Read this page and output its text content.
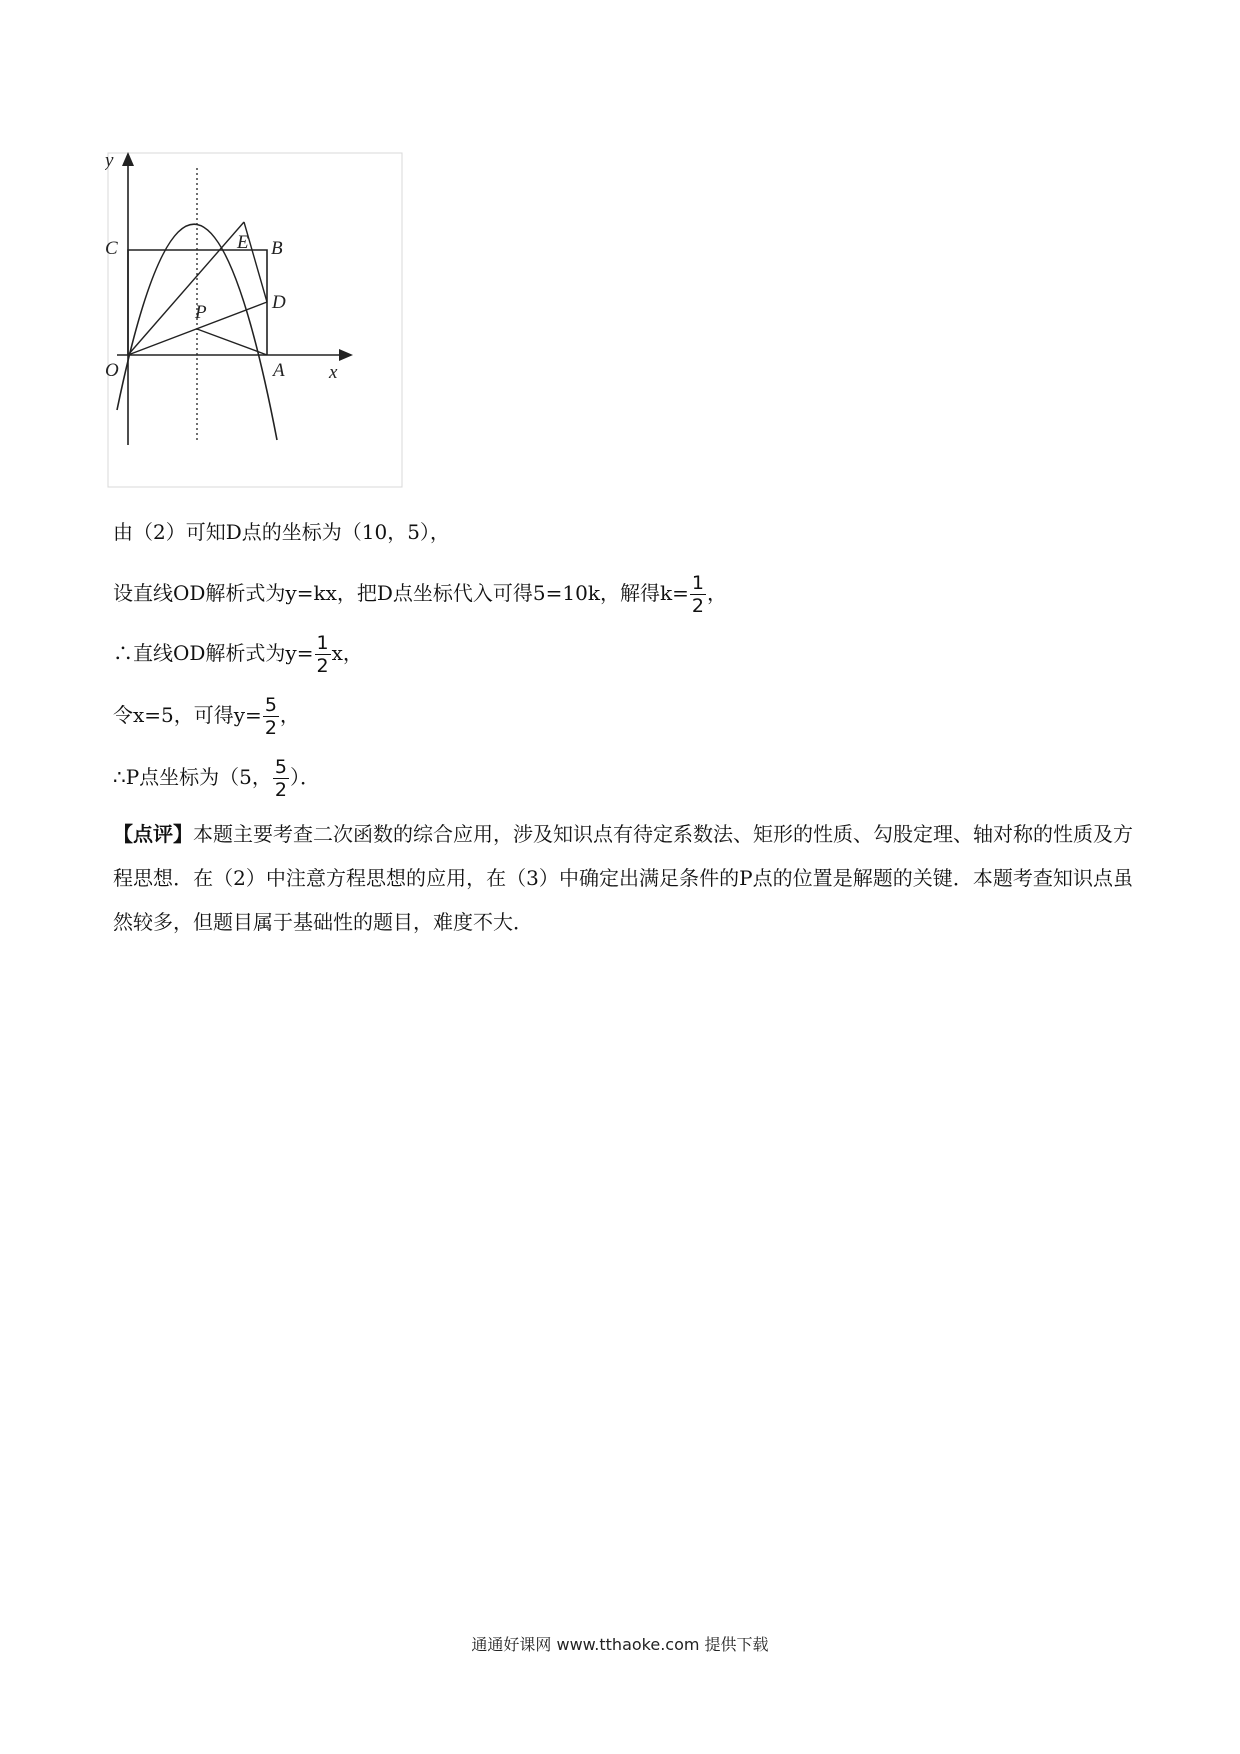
y
x
C	B
E
D
P
O	A
由（2）可知D点的坐标为（10，5），
设直线OD解析式为y=kx，把D点坐标代入可得5=10k，解得$k= \frac{1}{2}$ ，
∴直线OD解析式为$y= \frac{1}{2}$ x，
令x=5，可得$y= \frac{5}{2}$ ，
∴P点坐标为（5， $\frac{5}{2}$ ）．
【点评】本题主要考查二次函数的综合应用，涉及知识点有待定系数法、矩形的性质、勾股定理、轴对称的性质及方程思想．在（2）中注意方程思想的应用，在（3）中确定出满足条件的P点的位置是解题的关键．本题考查知识点虽然较多，但题目属于基础性的题目，难度不大．
通通好课网 www.tthaoke.com 提供下载
